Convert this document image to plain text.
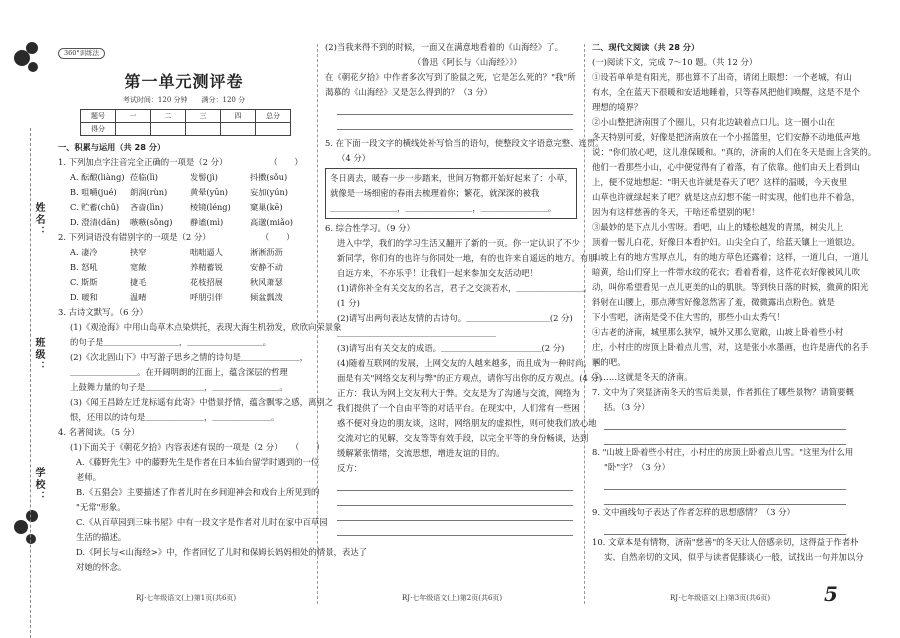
姓名：
班级：
学校：
360°训练法
第一单元测评卷
考试时间：120 分钟　　满分：120 分
题号	一	二	三	四	总分
得分					
一、积累与运用（共 28 分）
1. 下列加点字注音完全正确的一项是（2 分）　　　　　　（　　）
A. 酝酿(liàng) 莅临(lì)	发髻(jì)	抖擞(sǒu)
B. 咀嚼(jué)	朗润(rùn)	黄晕(yūn)	妄加(yún)
C. 贮蓄(chǔ)	吝啬(lìn)	棱镜(léng)	窠巢(kē)
D. 澄清(dān)	嗾嗾(sǒng)	静谧(mì)	高邈(miǎo)
2. 下列词语没有错别字的一项是（2 分）　　　　　　　（　　）
A. 凄冷	挟窄	咄咄逼人	淅淅沥沥
B. 怒吼	宽敞	养精蓄锐	安静不动
C. 斯斯	捷毛	花枝招展	秋风萧瑟
D. 暖和	温晴	呼朋引伴	倾盆瓢泼
3. 古诗文默写。（6 分）
(1)《观沧海》中用山岛草木点染烘托，表现大海生机勃发，欣欣向荣景象
的句子是＿＿＿＿＿＿＿＿＿，＿＿＿＿＿＿＿＿＿。
(2)《次北固山下》中写游子思乡之情的诗句是＿＿＿＿＿＿＿，
＿＿＿＿＿＿＿＿。在开阔明朗的江面上，蕴含深层的哲理
上鼓舞力量的句子是＿＿＿＿＿＿＿，＿＿＿＿＿＿＿＿。
(3)《闻王昌龄左迁龙标遥有此寄》中借景抒情，蕴含飘零之感，离别之
恨，还用以的诗句是＿＿＿＿＿＿＿，＿＿＿＿＿＿＿。
4. 名著阅读。（5 分）
(1)下面关于《朝花夕拾》内容表述有误的一项是（2 分）　　（　　）
A.《藤野先生》中的藤野先生是作者在日本仙台留学时遇到的一位
老师。
B.《五猖会》主要描述了作者儿时在乡间迎神会和戏台上所见到的
"无常"形象。
C.《从百草园到三味书屋》中有一段文字是作者对儿时在家中百草园
生活的描述。
D.《阿长与<山海经>》中，作者回忆了儿时和保姆长妈妈相处的情景，表达了
对她的怀念。
RJ·七年级语文(上)第1页(共6页)
(2)当我来得不到的时候，一面又在满意地看着的《山海经》了。
　　　　　　　　　　　（鲁迅《阿长与〈山海经〉》）
在《朝花夕拾》中作者多次写到了脸鼠之死，它是怎么死的？"我"所
渴慕的《山海经》又是怎么得到的？（3 分）
5. 在下面一段文字的横线处补写恰当的语句，使整段文字语意完整、连贯。
（4 分）
冬日离去，暖春一步一步踏来，世间万物都开始好起来了：小草，
就像是一场细密的春雨去梳理着你；繁花，就深深的被我
＿＿＿＿＿＿＿＿，＿＿＿＿＿＿＿＿，＿＿＿＿＿＿＿＿。
6. 综合性学习。（9 分）
进入中学，我们的学习生活又翻开了新的一页。你一定认识了不少
新同学，你们有的也许与你同处一地，有的也许来自遥远的地方。有朋
自远方来，不亦乐乎！让我们一起来参加交友活动吧！
(1)请你补全有关交友的名言，君子之交淡若水，＿＿＿＿＿＿＿＿。
(1 分)
(2)请写出两句表达友情的古诗句。＿＿＿＿＿＿＿＿＿＿(2 分)
＿＿＿＿＿＿＿＿＿＿＿＿＿＿＿＿＿＿＿
(3)请写出有关交友的成语。＿＿＿＿＿＿＿＿＿＿＿＿(2 分)
(4)随着互联网的发展，上网交友的人越来越多，而且成为一种时尚。下
面是有关"网络交友利与弊"的正方观点，请你写出你的反方观点。(4 分)
正方：我认为网上交友利大于弊。交友是为了沟通与交流，网络为
我们提供了一个自由平等的对话平台。在现实中，人们常有一些困
惑不便对身边的朋友谈，这时，网络朋友的虚拟性，则可使我们放心地
交流对它的见解，交友等等有效手段，以完全平等的身份畅谈，达到
缓解紧张情绪，交流思想，增进友谊的目的。
反方：
RJ·七年级语文(上)第2页(共6页)
二、现代文阅读（共 28 分）
(一)阅读下文，完成 7～10 题。（共 12 分）
①设若单单是有阳光，那也算不了出奇，请闭上眼想：一个老城，有山
有水，全在蓝天下很暖和安适地睡着，只等春风把他们唤醒，这是不是个
理想的境界？
②小山整把济南围了个圈儿，只有北边缺着点口儿。这一圈小山在
冬天特别可爱，好像是把济南放在一个小摇篮里，它们安静不动地低声地
说："你们放心吧，这儿准保暖和。"真的，济南的人们在冬天是面上含笑的。
他们一看那些小山，心中便觉得有了着落，有了依靠。他们由天上看到山
上，便不觉地想起："明天也许就是春天了吧？这样的温暖，今天夜里
山草也许就绿起来了吧？就是这点幻想不能一时实现，他们也并不着急，
因为有这样慈善的冬天，干啥还希望别的呢！
③最妙的是下点儿小雪呀。看吧，山上的矮松越发的青黑，树尖儿上
顶着一髻儿白花，好像日本看护妇。山尖全白了，给蓝天镶上一道银边。
山坡上有的地方雪厚点儿，有的地方草色还露着；这样，一道儿白，一道儿
暗黄，给山们穿上一件带水纹的花衣；看着看着，这件花衣好像被风儿吹
动，叫你希望看见一点儿更美的山的肌肤。等到快日落的时候，微黄的阳光
斜射在山腰上，那点薄雪好像忽然害了羞，微微露出点粉色。就是
下小雪吧，济南是受不住大雪的，那些小山太秀气！
④古老的济南，城里那么狭窄，城外又那么宽敞，山坡上卧着些小村
庄，小村庄的房顶上卧着点儿雪，对，这是张小水墨画，也许是唐代的名手
画的吧。
⑤……这就是冬天的济南。
7. 文中为了突显济南冬天的雪后美景，作者抓住了哪些景物？请简要概
括。（3 分）
8. "山坡上卧着些小村庄，小村庄的房顶上卧着点儿雪。"这里为什么用
"卧"字？（3 分）
9. 文中画线句子表达了作者怎样的思想感情？（3 分）
10. 文章本是有情物，济南"慈善"的冬天让人倍感亲切，这得益于作者朴
实、自然亲切的文风，似乎与读者促膝谈心一般，试找出一句并加以分
RJ·七年级语文(上)第3页(共6页)	5
